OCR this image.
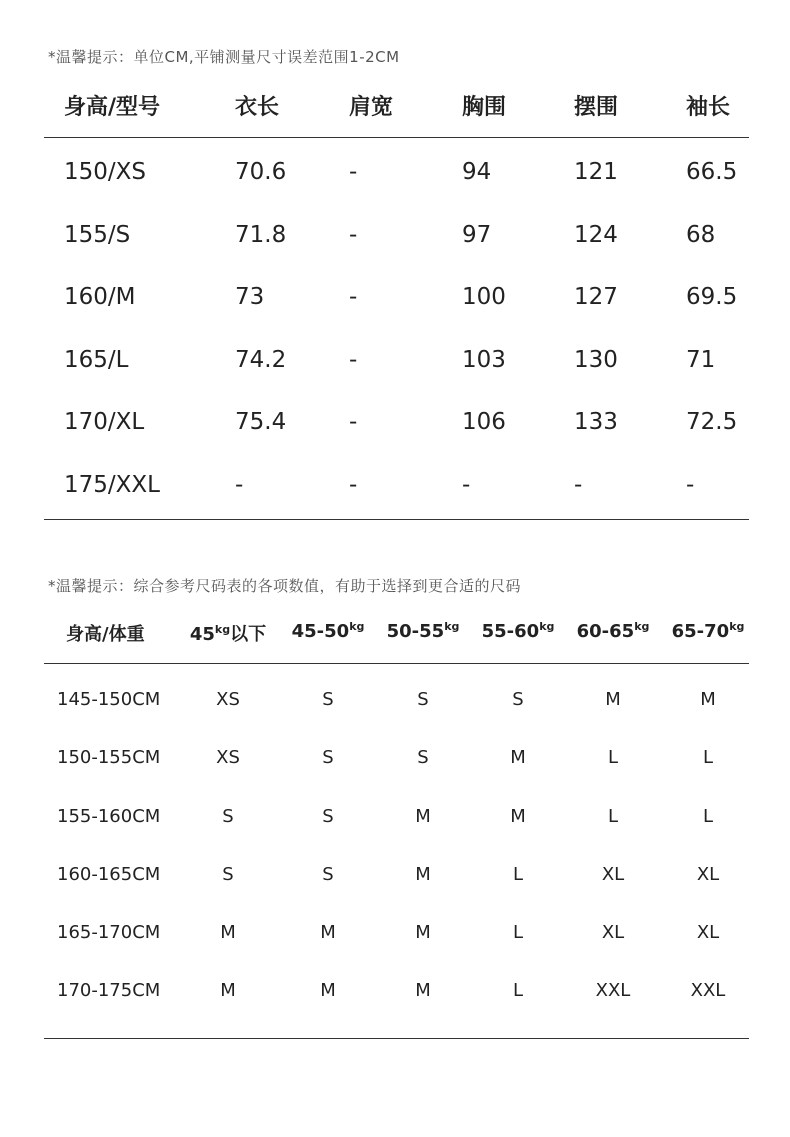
*温馨提示：单位CM,平铺测量尺寸误差范围1-2CM
身高/型号	衣长	肩宽	胸围	摆围	袖长
150/XS	70.6	-	94	121	66.5
155/S	71.8	-	97	124	68
160/M	73	-	100	127	69.5
165/L	74.2	-	103	130	71
170/XL	75.4	-	106	133	72.5
175/XXL	-	-	-	-	-
*温馨提示：综合参考尺码表的各项数值，有助于选择到更合适的尺码
身高/体重	$45^{kg}$以下 $45-50^{kg}$ $50-55^{kg}$ $55-60^{kg}$ $60-65^{kg}$ $65-70^{kg}$
145-150CM	XS	S	S	S	M	M
150-155CM	XS	S	S	M	L	L
155-160CM	S	S	M	M	L	L
160-165CM	S	S	M	L	XL	XL
165-170CM	M	M	M	L	XL	XL
170-175CM	M	M	M	L	XXL	XXL
